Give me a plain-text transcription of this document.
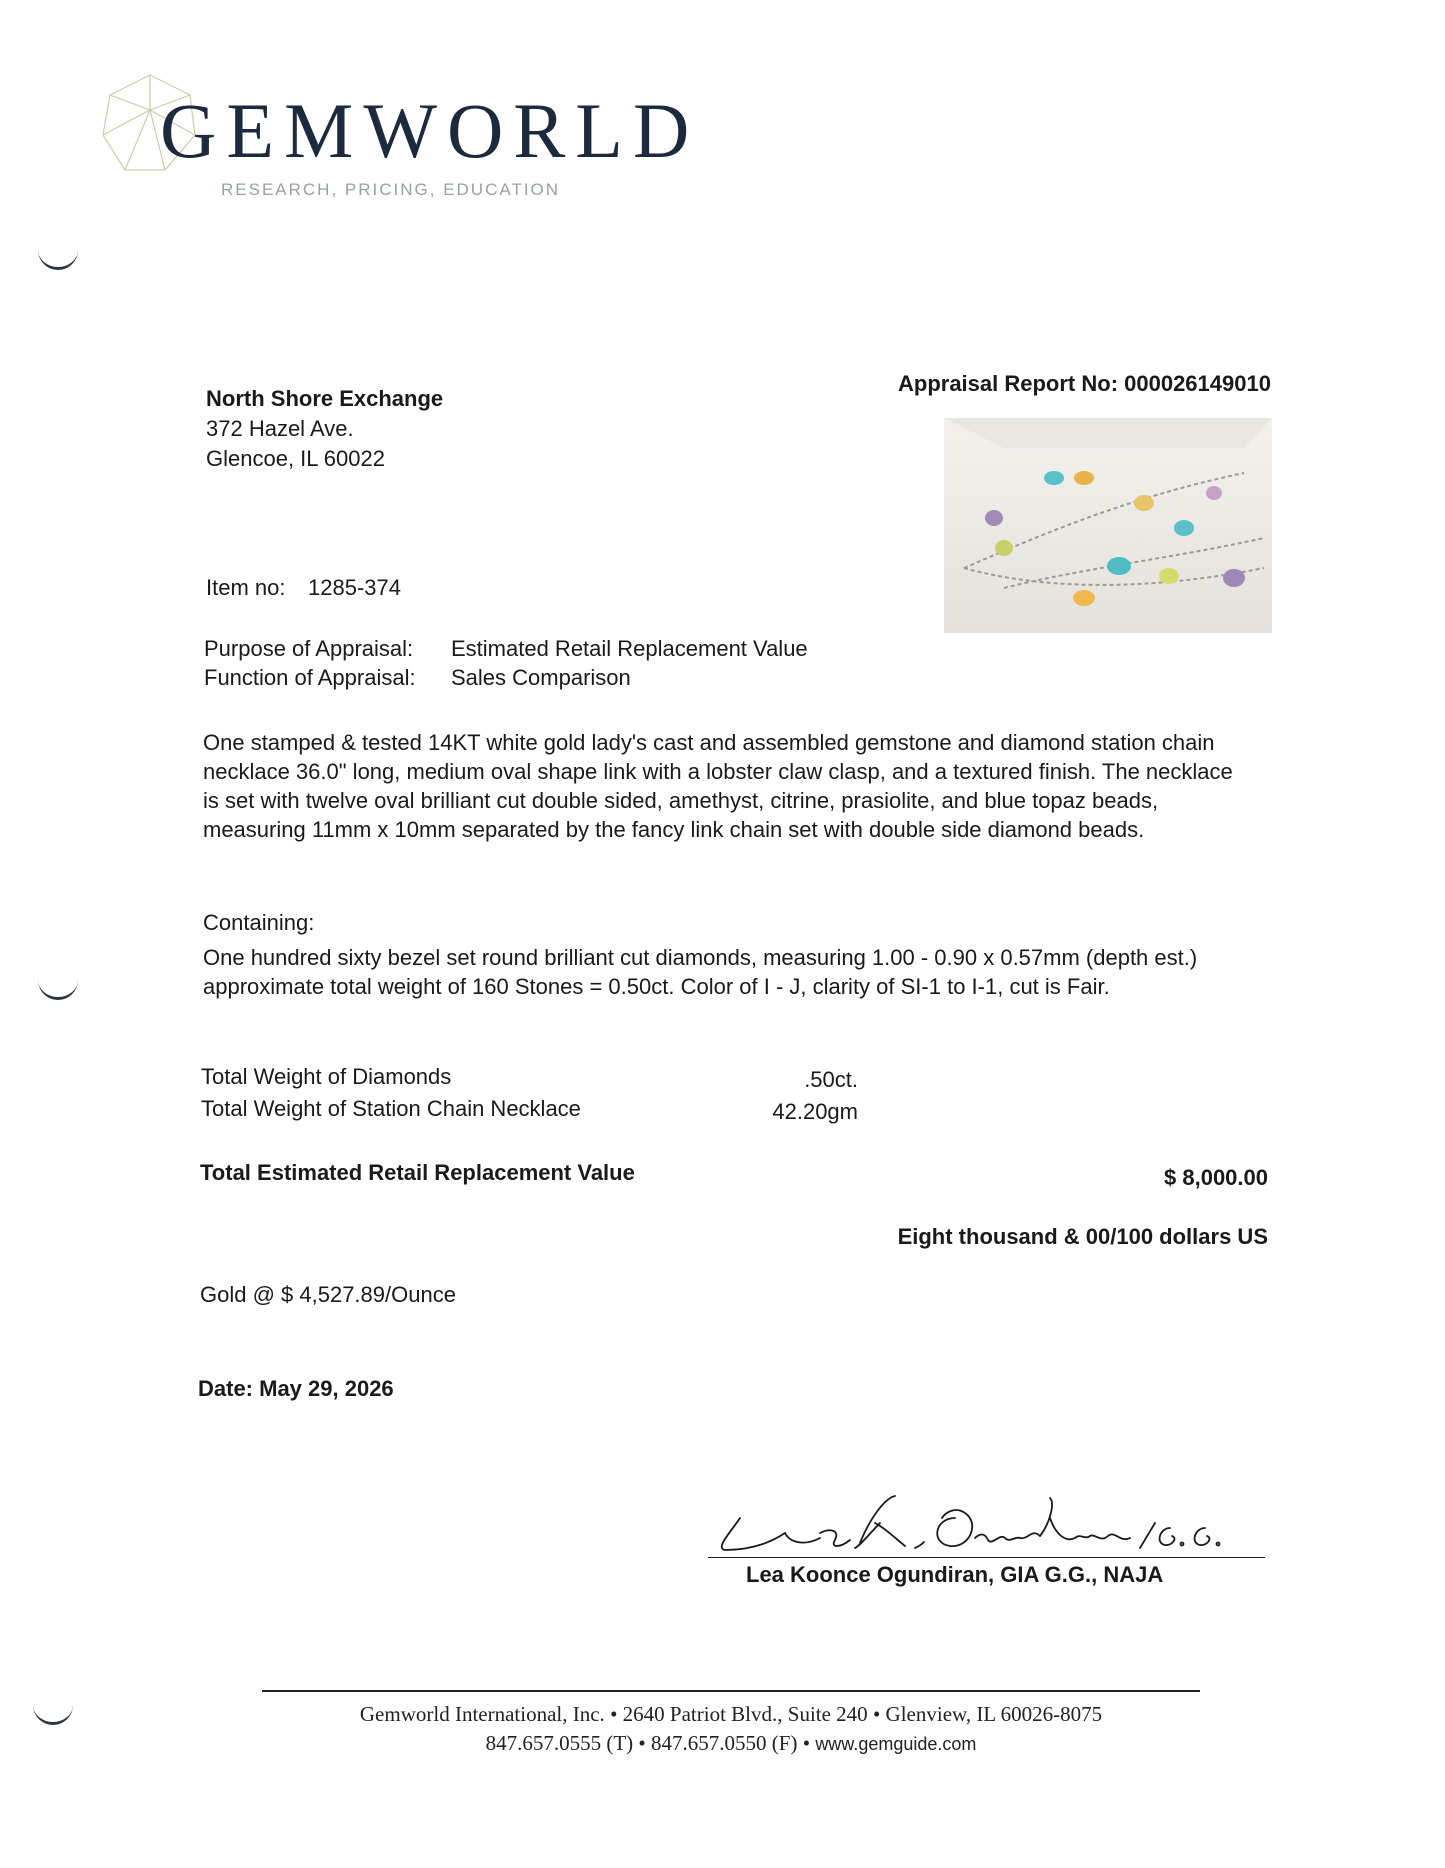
GEMWORLD
RESEARCH, PRICING, EDUCATION
Appraisal Report No: 000026149010
North Shore Exchange
372 Hazel Ave.
Glencoe, IL 60022
Item no: 1285-374
Purpose of Appraisal: Estimated Retail Replacement Value
Function of Appraisal: Sales Comparison
One stamped & tested 14KT white gold lady's cast and assembled gemstone and diamond station chain necklace 36.0" long, medium oval shape link with a lobster claw clasp, and a textured finish. The necklace is set with twelve oval brilliant cut double sided, amethyst, citrine, prasiolite, and blue topaz beads, measuring 11mm x 10mm separated by the fancy link chain set with double side diamond beads.
Containing:
One hundred sixty bezel set round brilliant cut diamonds, measuring 1.00 - 0.90 x 0.57mm (depth est.) approximate total weight of 160 Stones = 0.50ct. Color of I - J, clarity of SI-1 to I-1, cut is Fair.
Total Weight of Diamonds	.50ct.
Total Weight of Station Chain Necklace	42.20gm
Total Estimated Retail Replacement Value	$ 8,000.00
Eight thousand & 00/100 dollars US
Gold @ $ 4,527.89/Ounce
Date: May 29, 2026
Lea Koonce Ogundiran, GIA G.G., NAJA
Gemworld International, Inc. • 2640 Patriot Blvd., Suite 240 • Glenview, IL 60026-8075
847.657.0555 (T) • 847.657.0550 (F) • www.gemguide.com
